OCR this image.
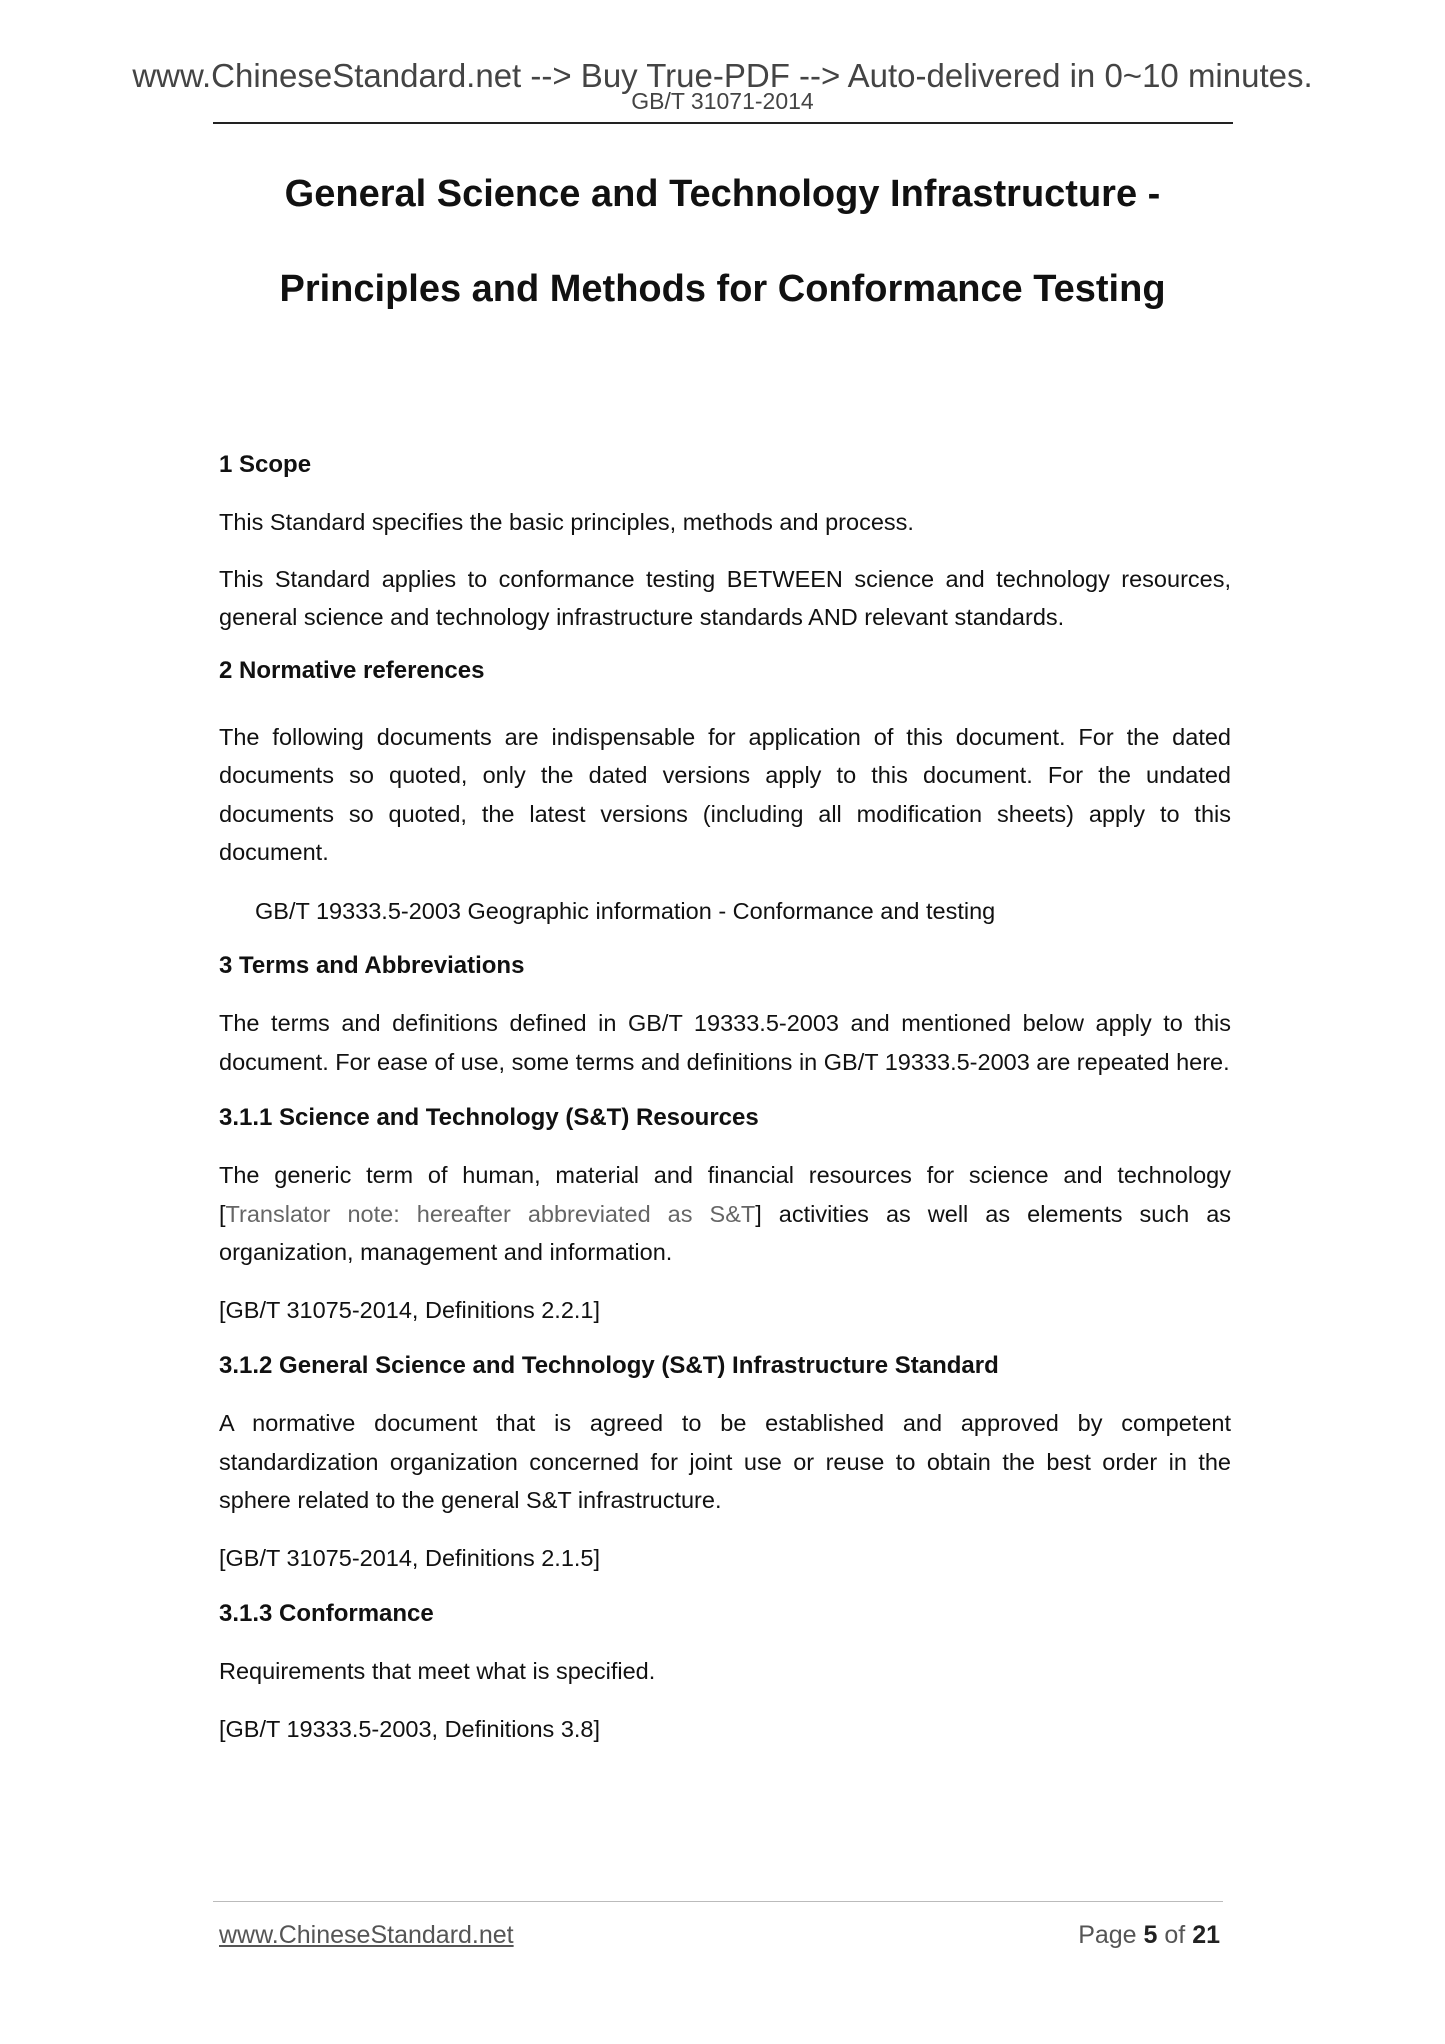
www.ChineseStandard.net --> Buy True-PDF --> Auto-delivered in 0~10 minutes.
GB/T 31071-2014
General Science and Technology Infrastructure -
Principles and Methods for Conformance Testing
1 Scope
This Standard specifies the basic principles, methods and process.
This Standard applies to conformance testing BETWEEN science and technology resources, general science and technology infrastructure standards AND relevant standards.
2 Normative references
The following documents are indispensable for application of this document. For the dated documents so quoted, only the dated versions apply to this document. For the undated documents so quoted, the latest versions (including all modification sheets) apply to this document.
GB/T 19333.5-2003 Geographic information - Conformance and testing
3 Terms and Abbreviations
The terms and definitions defined in GB/T 19333.5-2003 and mentioned below apply to this document. For ease of use, some terms and definitions in GB/T 19333.5-2003 are repeated here.
3.1.1 Science and Technology (S&T) Resources
The generic term of human, material and financial resources for science and technology [Translator note: hereafter abbreviated as S&T] activities as well as elements such as organization, management and information.
[GB/T 31075-2014, Definitions 2.2.1]
3.1.2 General Science and Technology (S&T) Infrastructure Standard
A normative document that is agreed to be established and approved by competent standardization organization concerned for joint use or reuse to obtain the best order in the sphere related to the general S&T infrastructure.
[GB/T 31075-2014, Definitions 2.1.5]
3.1.3 Conformance
Requirements that meet what is specified.
[GB/T 19333.5-2003, Definitions 3.8]
www.ChineseStandard.net	Page 5 of 21
